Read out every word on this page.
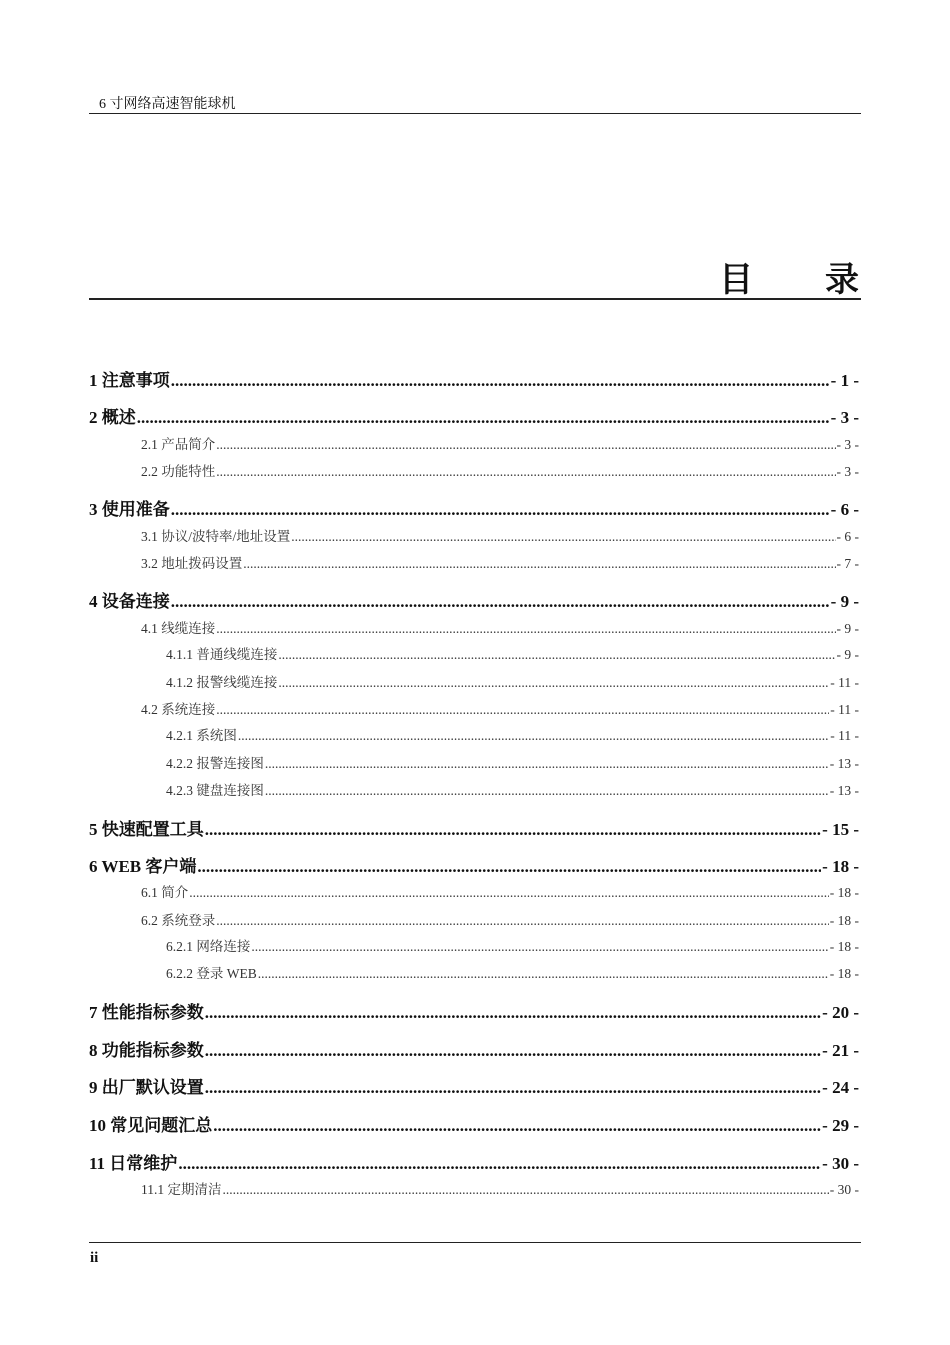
6 寸网络高速智能球机
目 录
1 注意事项 .....	- 1 -
2 概述 .....	- 3 -
2.1 产品简介 .....	- 3 -
2.2 功能特性 .....	- 3 -
3 使用准备 .....	- 6 -
3.1 协议/波特率/地址设置 .....	- 6 -
3.2 地址拨码设置 .....	- 7 -
4 设备连接 .....	- 9 -
4.1 线缆连接 .....	- 9 -
4.1.1 普通线缆连接 .....	- 9 -
4.1.2 报警线缆连接 .....	- 11 -
4.2 系统连接 .....	- 11 -
4.2.1 系统图 .....	- 11 -
4.2.2 报警连接图 .....	- 13 -
4.2.3 键盘连接图 .....	- 13 -
5 快速配置工具 .....	- 15 -
6 WEB 客户端 .....	- 18 -
6.1 简介 .....	- 18 -
6.2 系统登录 .....	- 18 -
6.2.1 网络连接 .....	- 18 -
6.2.2 登录 WEB .....	- 18 -
7 性能指标参数 .....	- 20 -
8 功能指标参数 .....	- 21 -
9 出厂默认设置 .....	- 24 -
10 常见问题汇总 .....	- 29 -
11 日常维护 .....	- 30 -
11.1 定期清洁 .....	- 30 -
ii
